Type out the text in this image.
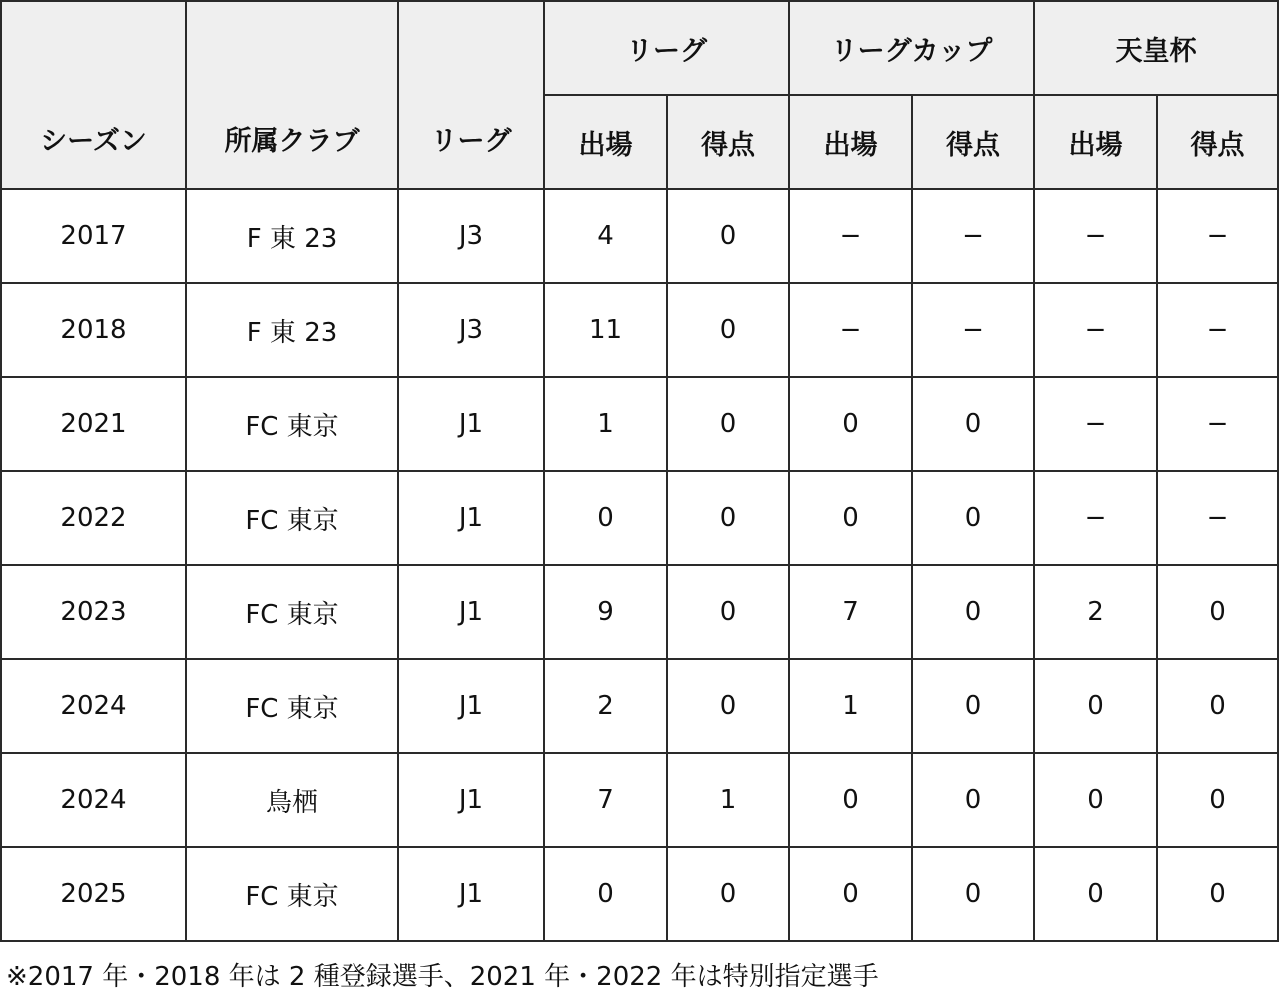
シーズン	所属クラブ	リーグ	リーグ		リーグカップ		天皇杯	
			出場	得点	出場	得点	出場	得点
2017	F 東 23	J3	4	0	−	−	−	−
2018	F 東 23	J3	11	0	−	−	−	−
2021	FC 東京	J1	1	0	0	0	−	−
2022	FC 東京	J1	0	0	0	0	−	−
2023	FC 東京	J1	9	0	7	0	2	0
2024	FC 東京	J1	2	0	1	0	0	0
2024	鳥栖	J1	7	1	0	0	0	0
2025	FC 東京	J1	0	0	0	0	0	0
※2017 年・2018 年は 2 種登録選手、2021 年・2022 年は特別指定選手
